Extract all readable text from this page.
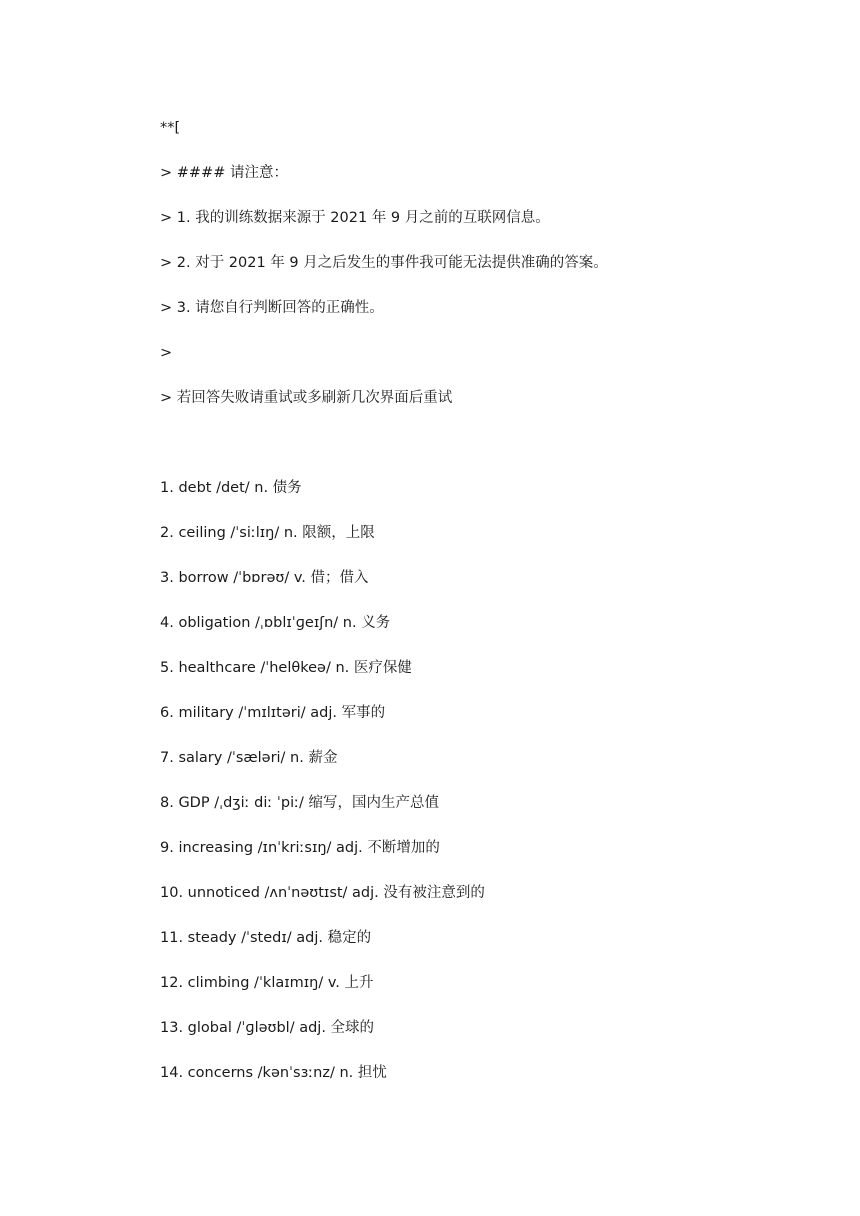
**[
> #### 请注意：
> 1. 我的训练数据来源于 2021 年 9 月之前的互联网信息。
> 2. 对于 2021 年 9 月之后发生的事件我可能无法提供准确的答案。
> 3. 请您自行判断回答的正确性。
>
> 若回答失败请重试或多刷新几次界面后重试
1. debt /det/ n. 债务
2. ceiling /ˈsiːlɪŋ/ n. 限额，上限
3. borrow /ˈbɒrəʊ/ v. 借；借入
4. obligation /ˌɒblɪˈɡeɪʃn/ n. 义务
5. healthcare /ˈhelθkeə/ n. 医疗保健
6. military /ˈmɪlɪtəri/ adj. 军事的
7. salary /ˈsæləri/ n. 薪金
8. GDP /ˌdʒiː diː ˈpiː/ 缩写，国内生产总值
9. increasing /ɪnˈkriːsɪŋ/ adj. 不断增加的
10. unnoticed /ʌnˈnəʊtɪst/ adj. 没有被注意到的
11. steady /ˈstedɪ/ adj. 稳定的
12. climbing /ˈklaɪmɪŋ/ v. 上升
13. global /ˈɡləʊbl/ adj. 全球的
14. concerns /kənˈsɜːnz/ n. 担忧
